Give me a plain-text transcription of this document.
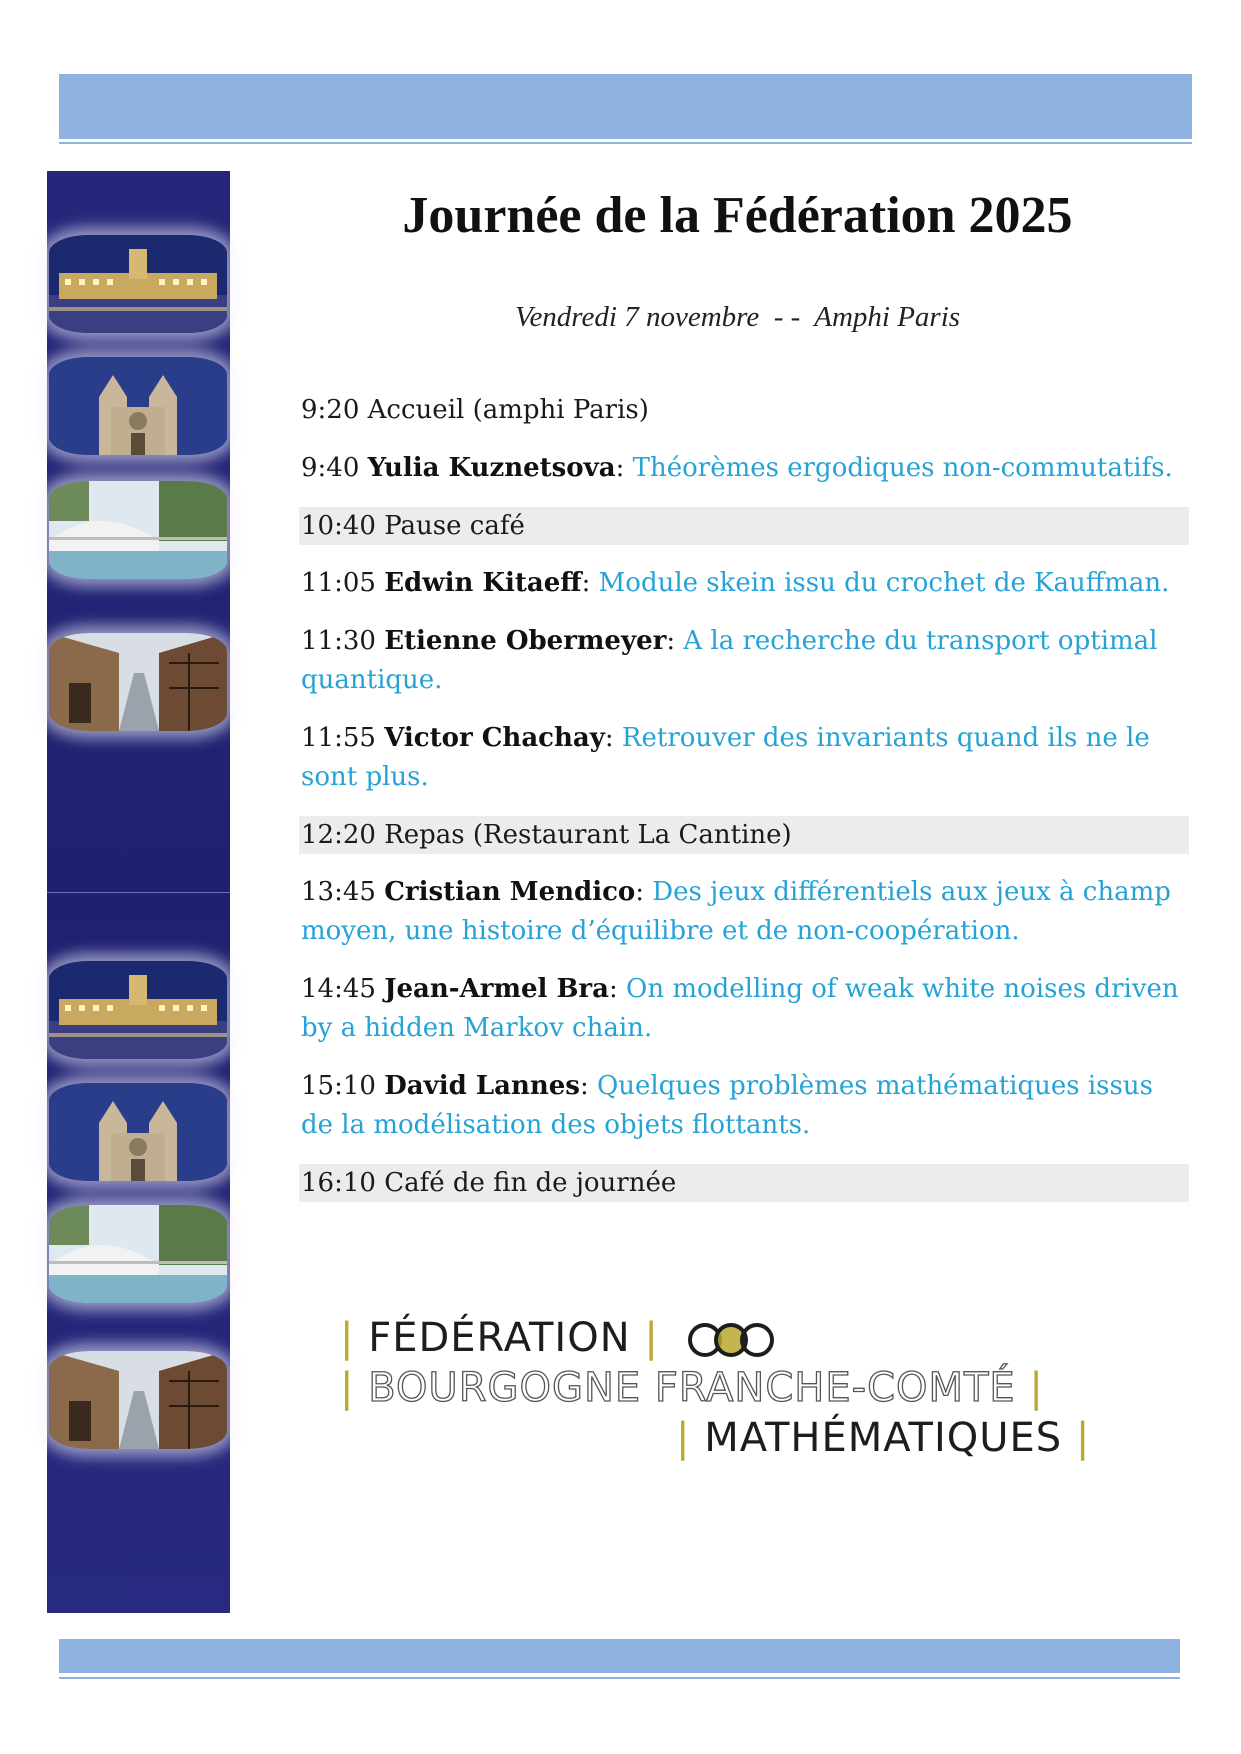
Journée de la Fédération 2025
Vendredi 7 novembre  - -  Amphi Paris
9:20 Accueil (amphi Paris)
9:40 Yulia Kuznetsova: Théorèmes ergodiques non-commutatifs.
10:40 Pause café
11:05 Edwin Kitaeff: Module skein issu du crochet de Kauffman.
11:30 Etienne Obermeyer: A la recherche du transport optimal quantique.
11:55 Victor Chachay: Retrouver des invariants quand ils ne le sont plus.
12:20 Repas (Restaurant La Cantine)
13:45 Cristian Mendico: Des jeux différentiels aux jeux à champ moyen, une histoire d’équilibre et de non-coopération.
14:45 Jean-Armel Bra: On modelling of weak white noises driven by a hidden Markov chain.
15:10 David Lannes: Quelques problèmes mathématiques issus de la modélisation des objets flottants.
16:10 Café de fin de journée
| FÉDÉRATION |
| BOURGOGNE FRANCHE-COMTÉ |
| MATHÉMATIQUES |
